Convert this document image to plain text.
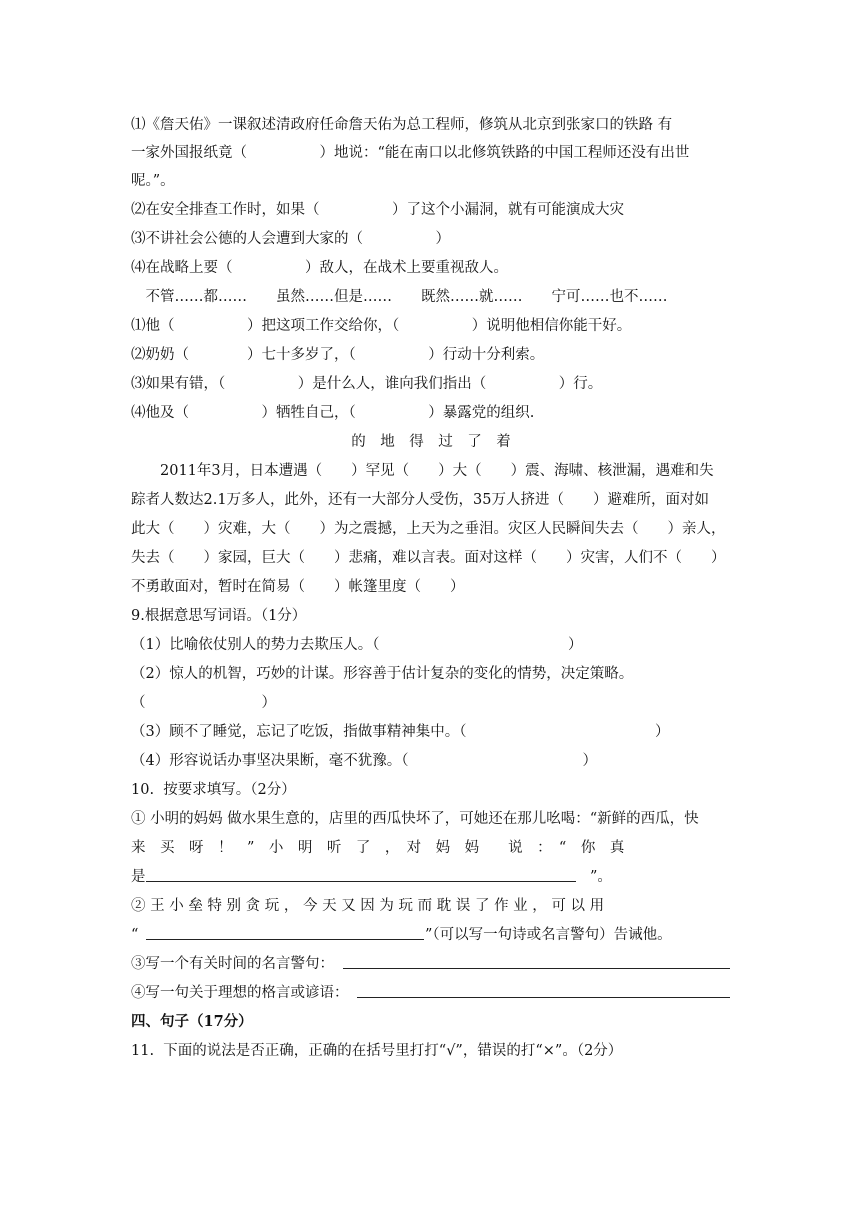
⑴《詹天佑》一课叙述清政府任命詹天佑为总工程师，修筑从北京到张家口的铁路 有
一家外国报纸竟（　　　　　）地说：“能在南口以北修筑铁路的中国工程师还没有出世
呢。”。
⑵在安全排查工作时，如果（　　　　　）了这个小漏洞，就有可能演成大灾
⑶不讲社会公德的人会遭到大家的（　　　　　）
⑷在战略上要（　　　　　）敌人，在战术上要重视敌人。
　不管……都……　　虽然……但是……　　既然……就……　　宁可……也不……
⑴他（　　　　　）把这项工作交给你，（　　　　　）说明他相信你能干好。
⑵奶奶（　　　　）七十多岁了，（　　　　　）行动十分利索。
⑶如果有错，（　　　　　）是什么人，谁向我们指出（　　　　　）行。
⑷他及（　　　　　）牺牲自己，（　　　　　）暴露党的组织.
的　地　得　过　了　着
　　2011年3月，日本遭遇（　　）罕见（　　）大（　　）震、海啸、核泄漏，遇难和失
踪者人数达2.1万多人，此外，还有一大部分人受伤，35万人挤进（　　）避难所，面对如
此大（　　）灾难，大（　　）为之震撼，上天为之垂泪。灾区人民瞬间失去（　　）亲人，
失去（　　）家园，巨大（　　）悲痛，难以言表。面对这样（　　）灾害，人们不（　　）
不勇敢面对，暂时在简易（　　）帐篷里度（　　）
9.根据意思写词语。（1分）
（1）比喻依仗别人的势力去欺压人。（　　　　　　　　　　　　　）
（2）惊人的机智，巧妙的计谋。形容善于估计复杂的变化的情势，决定策略。
（　　　　　　　　）
（3）顾不了睡觉，忘记了吃饭，指做事精神集中。（　　　　　　　　　　　　　）
（4）形容说话办事坚决果断，毫不犹豫。（　　　　　　　　　　　　）
10.  按要求填写。（2分）
① 小明的妈妈 做水果生意的，店里的西瓜快坏了，可她还在那儿吆喝：“新鲜的西瓜，快
来　买　呀　！　”　小　明　听　了　，　对　妈　妈　　说　：　“　你　真
是	”。
② 王 小 垒 特 别 贪 玩 ， 今 天 又 因 为 玩 而 耽 误 了 作 业 ， 可 以 用
“	”（可以写一句诗或名言警句）告诫他。
③写一个有关时间的名言警句：
④写一句关于理想的格言或谚语：
四、句子（17分）
11.  下面的说法是否正确，正确的在括号里打打“√”，错误的打“×”。（2分）
